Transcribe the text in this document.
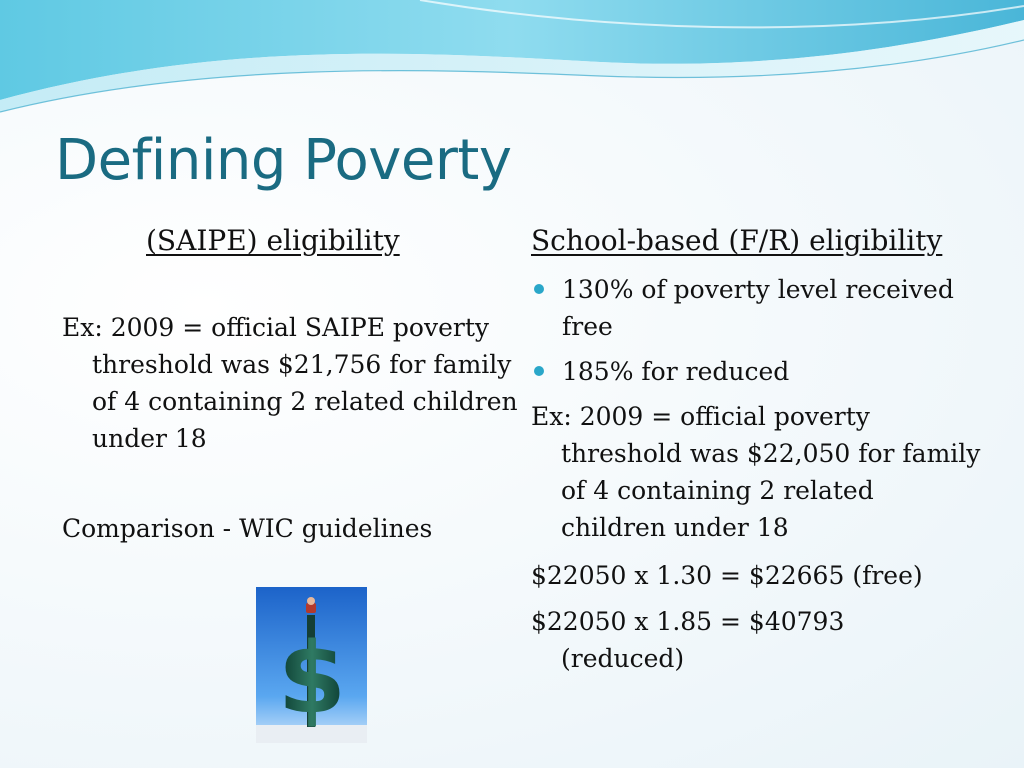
Defining Poverty

(SAIPE) eligibility	School-based (F/R) eligibility

Ex: 2009 = official SAIPE poverty threshold was $21,756 for family of 4 containing 2 related children under 18

Comparison - WIC guidelines

$
130% of poverty level received free
185% for reduced

Ex: 2009 = official poverty threshold was $22,050 for family of 4 containing 2 related children under 18

$22050 x 1.30 = $22665 (free)

$22050 x 1.85 = $40793 (reduced)
